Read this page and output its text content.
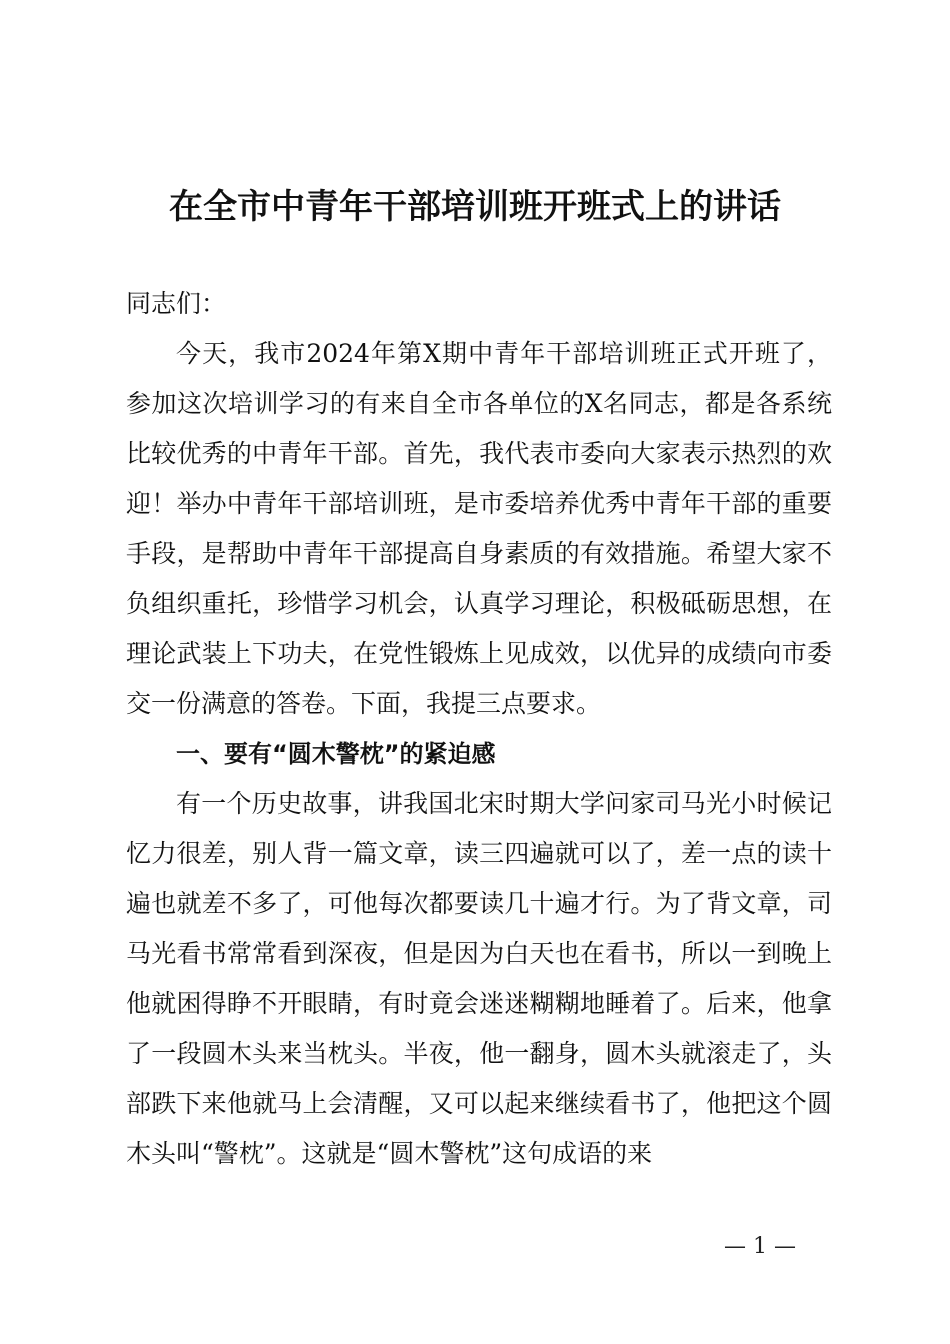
在全市中青年干部培训班开班式上的讲话

同志们：

今天，我市2024年第X期中青年干部培训班正式开班了，参加这次培训学习的有来自全市各单位的X名同志，都是各系统比较优秀的中青年干部。首先，我代表市委向大家表示热烈的欢迎！举办中青年干部培训班，是市委培养优秀中青年干部的重要手段，是帮助中青年干部提高自身素质的有效措施。希望大家不负组织重托，珍惜学习机会，认真学习理论，积极砥砺思想，在理论武装上下功夫，在党性锻炼上见成效，以优异的成绩向市委交一份满意的答卷。下面，我提三点要求。

一、要有“圆木警枕”的紧迫感

有一个历史故事，讲我国北宋时期大学问家司马光小时候记忆力很差，别人背一篇文章，读三四遍就可以了，差一点的读十遍也就差不多了，可他每次都要读几十遍才行。为了背文章，司马光看书常常看到深夜，但是因为白天也在看书，所以一到晚上他就困得睁不开眼睛，有时竟会迷迷糊糊地睡着了。后来，他拿了一段圆木头来当枕头。半夜，他一翻身，圆木头就滚走了，头部跌下来他就马上会清醒，又可以起来继续看书了，他把这个圆木头叫“警枕”。这就是“圆木警枕”这句成语的来

— 1 —
